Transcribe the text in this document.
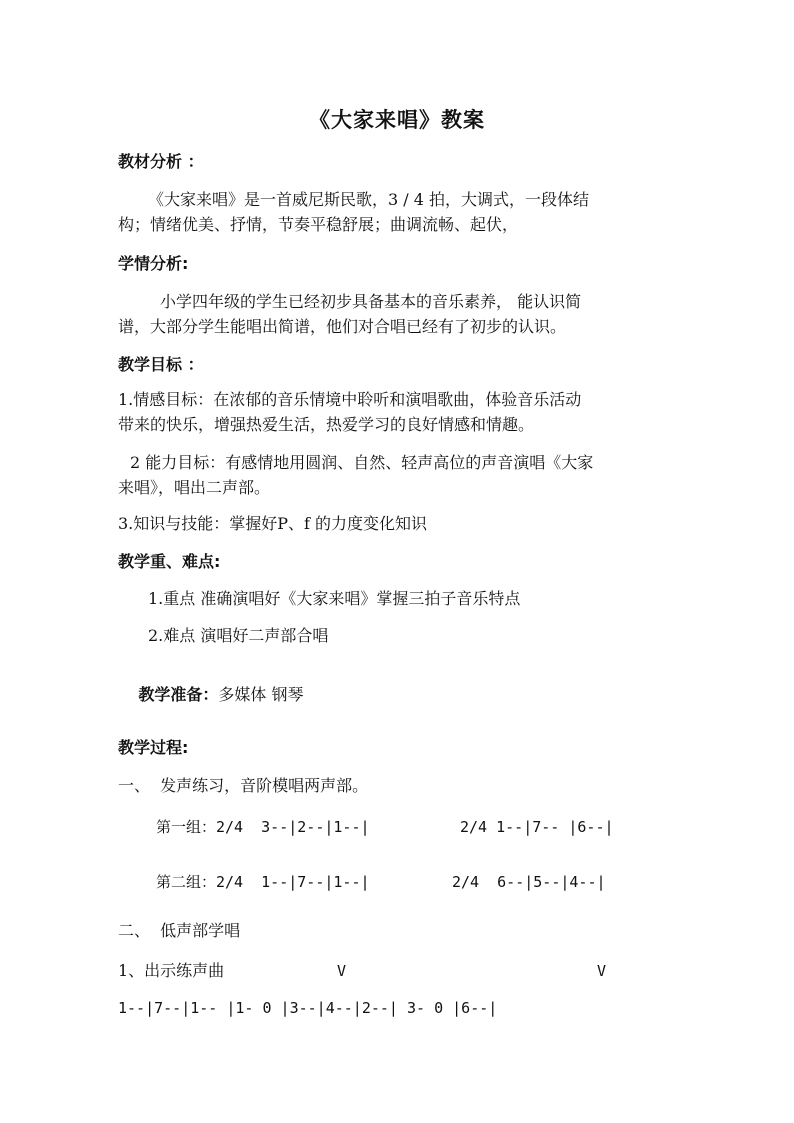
《大家来唱》教案
教材分析 ：
《大家来唱》是一首威尼斯民歌，3 / 4 拍，大调式，一段体结
构；情绪优美、抒情，节奏平稳舒展；曲调流畅、起伏，
学情分析:
小学四年级的学生已经初步具备基本的音乐素养， 能认识简
谱，大部分学生能唱出简谱，他们对合唱已经有了初步的认识。
教学目标 ：
1.情感目标：在浓郁的音乐情境中聆听和演唱歌曲，体验音乐活动
带来的快乐，增强热爱生活，热爱学习的良好情感和情趣。
2 能力目标：有感情地用圆润、自然、轻声高位的声音演唱《大家
来唱》，唱出二声部。
3.知识与技能：掌握好P、f 的力度变化知识
教学重、难点:
1.重点 准确演唱好《大家来唱》掌握三拍子音乐特点
2.难点 演唱好二声部合唱

教学准备：多媒体 钢琴

教学过程:
一、  发声练习，音阶模唱两声部。
第一组：2/4  3--|2--|1--|	2/4 1--|7-- |6--|
第二组：2/4  1--|7--|1--|	2/4  6--|5--|4--|
二、  低声部学唱
1、出示练声曲	V	V
1--|7--|1-- |1- 0 |3--|4--|2--| 3- 0 |6--|
